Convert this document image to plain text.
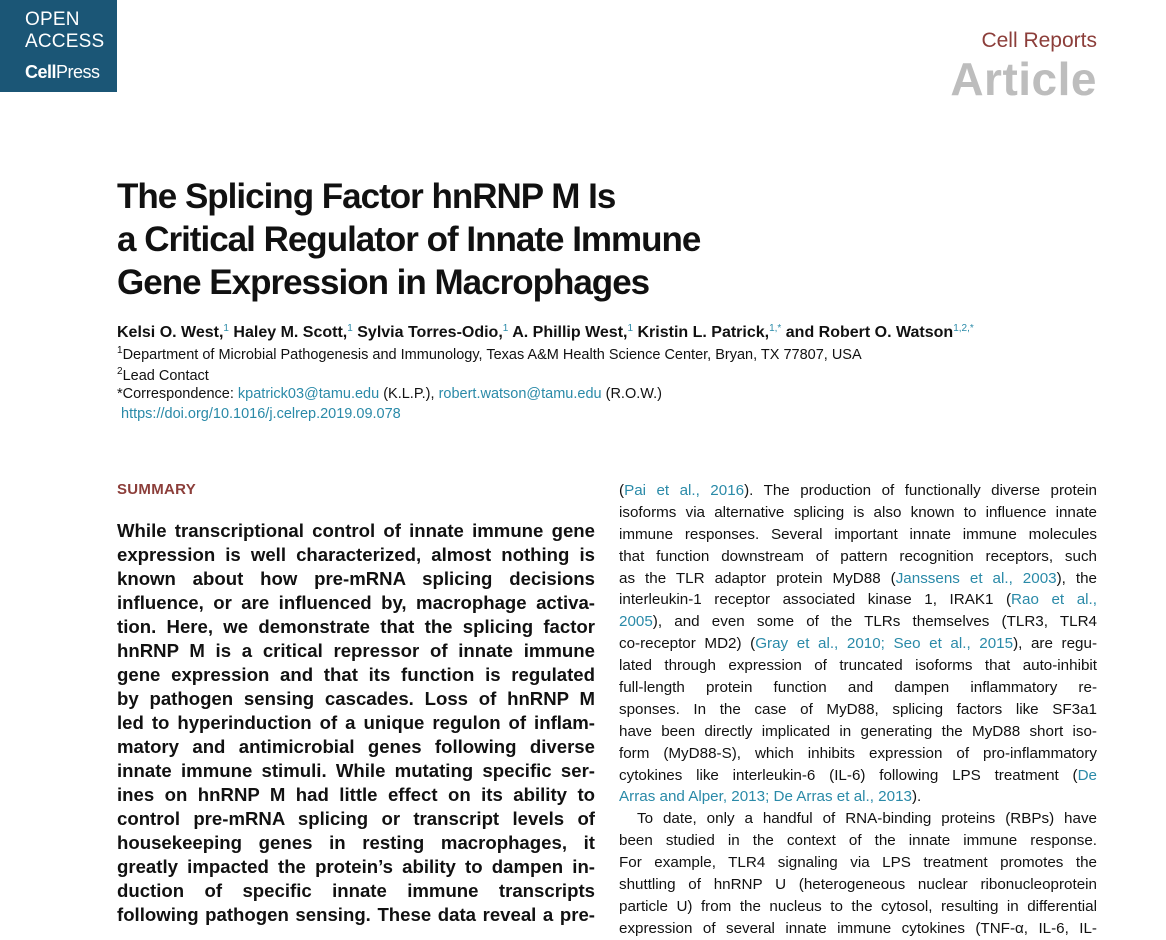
OPEN
ACCESS
CellPress
Cell Reports
Article
The Splicing Factor hnRNP M Is
a Critical Regulator of Innate Immune
Gene Expression in Macrophages
Kelsi O. West,$^1$ Haley M. Scott,$^1$ Sylvia Torres-Odio,$^1$ A. Phillip West,$^1$ Kristin L. Patrick,$^{1,*}$ and Robert O. Watson$^{1,2,*}$
$^1$Department of Microbial Pathogenesis and Immunology, Texas A&M Health Science Center, Bryan, TX 77807, USA
$^2$Lead Contact
*Correspondence: kpatrick03@tamu.edu (K.L.P.), robert.watson@tamu.edu (R.O.W.)
https://doi.org/10.1016/j.celrep.2019.09.078
SUMMARY
While transcriptional control of innate immune gene
expression is well characterized, almost nothing is
known about how pre-mRNA splicing decisions
influence, or are influenced by, macrophage activa-
tion. Here, we demonstrate that the splicing factor
hnRNP M is a critical repressor of innate immune
gene expression and that its function is regulated
by pathogen sensing cascades. Loss of hnRNP M
led to hyperinduction of a unique regulon of inflam-
matory and antimicrobial genes following diverse
innate immune stimuli. While mutating specific ser-
ines on hnRNP M had little effect on its ability to
control pre-mRNA splicing or transcript levels of
housekeeping genes in resting macrophages, it
greatly impacted the protein’s ability to dampen in-
duction of specific innate immune transcripts
following pathogen sensing. These data reveal a pre-
(Pai et al., 2016). The production of functionally diverse protein
isoforms via alternative splicing is also known to influence innate
immune responses. Several important innate immune molecules
that function downstream of pattern recognition receptors, such
as the TLR adaptor protein MyD88 (Janssens et al., 2003), the
interleukin-1 receptor associated kinase 1, IRAK1 (Rao et al.,
2005), and even some of the TLRs themselves (TLR3, TLR4
co-receptor MD2) (Gray et al., 2010; Seo et al., 2015), are regu-
lated through expression of truncated isoforms that auto-inhibit
full-length protein function and dampen inflammatory re-
sponses. In the case of MyD88, splicing factors like SF3a1
have been directly implicated in generating the MyD88 short iso-
form (MyD88-S), which inhibits expression of pro-inflammatory
cytokines like interleukin-6 (IL-6) following LPS treatment (De
Arras and Alper, 2013; De Arras et al., 2013).
To date, only a handful of RNA-binding proteins (RBPs) have
been studied in the context of the innate immune response.
For example, TLR4 signaling via LPS treatment promotes the
shuttling of hnRNP U (heterogeneous nuclear ribonucleoprotein
particle U) from the nucleus to the cytosol, resulting in differential
expression of several innate immune cytokines (TNF-α, IL-6, IL-
